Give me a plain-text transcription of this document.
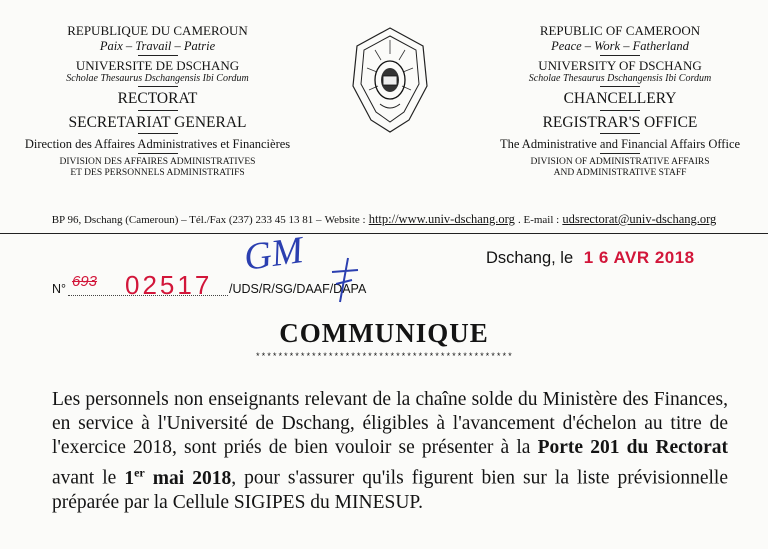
REPUBLIQUE DU CAMEROUN
Paix – Travail – Patrie
UNIVERSITE DE DSCHANG
Scholae Thesaurus Dschangensis Ibi Cordum
RECTORAT
SECRETARIAT GENERAL
Direction des Affaires Administratives et Financières
DIVISION DES AFFAIRES ADMINISTRATIVES
ET DES PERSONNELS ADMINISTRATIFS
REPUBLIC OF CAMEROON
Peace – Work – Fatherland
UNIVERSITY OF DSCHANG
Scholae Thesaurus Dschangensis Ibi Cordum
CHANCELLERY
REGISTRAR'S OFFICE
The Administrative and Financial Affairs Office
DIVISION OF ADMINISTRATIVE AFFAIRS
AND ADMINISTRATIVE STAFF
BP 96, Dschang (Cameroun) – Tél./Fax (237) 233 45 13 81 – Website : http://www.univ-dschang.org . E-mail : udsrectorat@univ-dschang.org
Dschang, le 1 6 AVR 2018
N° 693 02517 /UDS/R/SG/DAAF/DAPA
GM
COMMUNIQUE
**********************************************

Les personnels non enseignants relevant de la chaîne solde du Ministère des Finances, en service à l'Université de Dschang, éligibles à l'avancement d'échelon au titre de l'exercice 2018, sont priés de bien vouloir se présenter à la Porte 201 du Rectorat avant le 1er mai 2018, pour s'assurer qu'ils figurent bien sur la liste prévisionnelle préparée par la Cellule SIGIPES du MINESUP.
